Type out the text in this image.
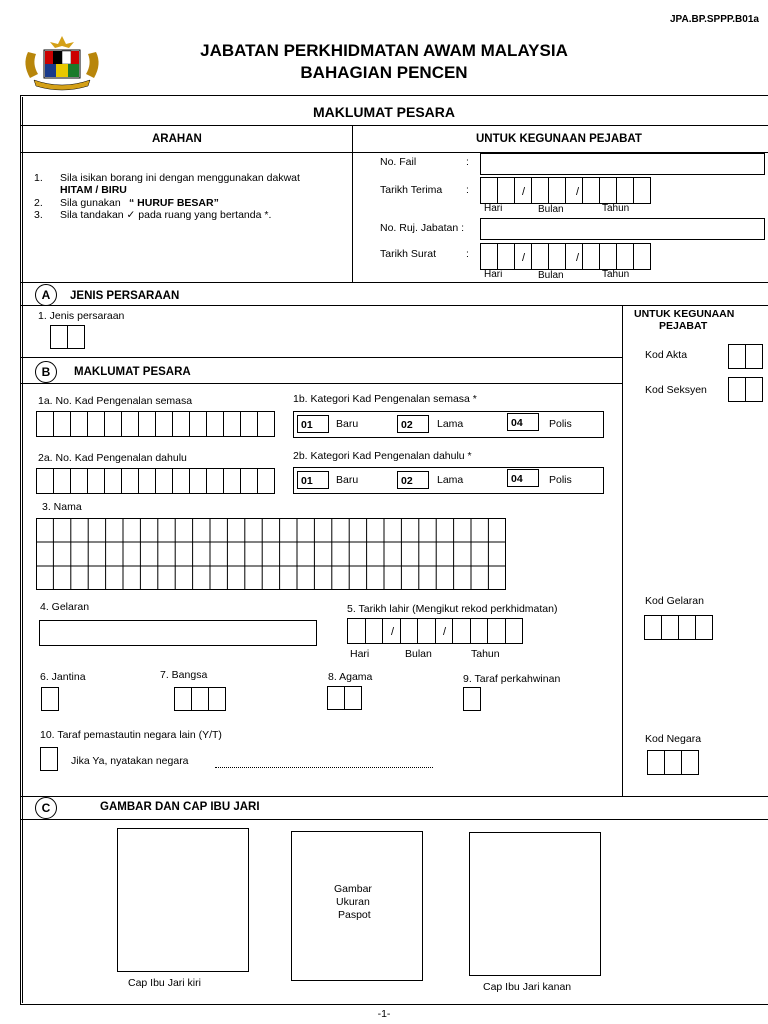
JPA.BP.SPPP.B01a
JABATAN PERKHIDMATAN AWAM MALAYSIA
BAHAGIAN PENCEN
MAKLUMAT PESARA
ARAHAN	UNTUK KEGUNAAN PEJABAT
1. Sila isikan borang ini dengan menggunakan dakwat
HITAM / BIRU
2. Sila gunakan “ HURUF BESAR”
3. Sila tandakan ✓ pada ruang yang bertanda *.
No. Fail	:
Tarikh Terima :	/	/
Hari	Bulan	Tahun
No. Ruj. Jabatan :
Tarikh Surat	:	/	/
Hari	Bulan	Tahun
A	JENIS PERSARAAN
1. Jenis persaraan	UNTUK KEGUNAAN
PEJABAT
Kod Akta
Kod Seksyen
B	MAKLUMAT PESARA
1a. No. Kad Pengenalan semasa	1b. Kategori Kad Pengenalan semasa *
01	Baru	02	Lama	04	Polis
2a. No. Kad Pengenalan dahulu	2b. Kategori Kad Pengenalan dahulu *
01	Baru	02	Lama	04	Polis
3. Nama
4. Gelaran	5. Tarikh lahir (Mengikut rekod perkhidmatan)
/	/
Hari	Bulan	Tahun
6. Jantina	7. Bangsa	8. Agama	9. Taraf perkahwinan
10. Taraf pemastautin negara lain (Y/T)
Jika Ya, nyatakan negara
Kod Gelaran
Kod Negara
C	GAMBAR DAN CAP IBU JARI
Cap Ibu Jari kiri
Gambar
Ukuran
Paspot
Cap Ibu Jari kanan
-1-
